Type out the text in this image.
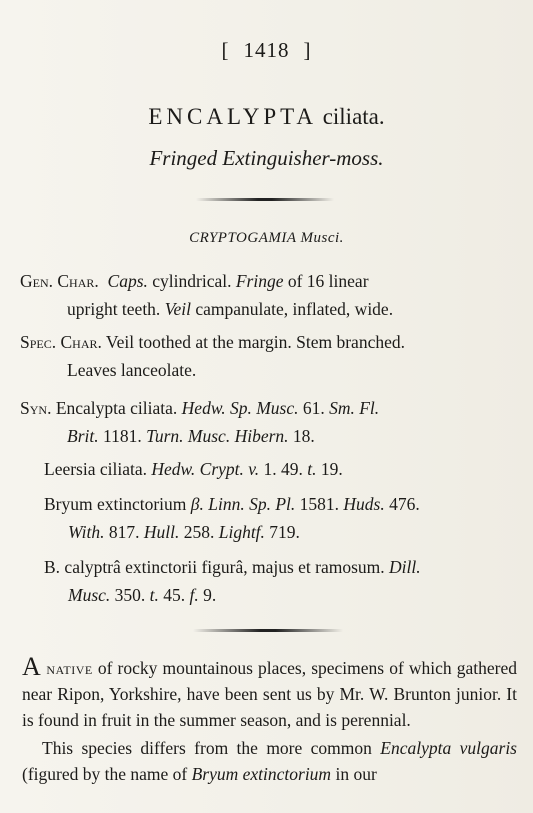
[ 1418 ]
ENCALYPTA ciliata.
Fringed Extinguisher-moss.
CRYPTOGAMIA Musci.
Gen. Char. Caps. cylindrical. Fringe of 16 linear
upright teeth. Veil campanulate, inflated, wide.
Spec. Char. Veil toothed at the margin. Stem branched.
Leaves lanceolate.
Syn. Encalypta ciliata. Hedw. Sp. Musc. 61. Sm. Fl.
Brit. 1181. Turn. Musc. Hibern. 18.
Leersia ciliata. Hedw. Crypt. v. 1. 49. t. 19.
Bryum extinctorium β. Linn. Sp. Pl. 1581. Huds. 476.
With. 817. Hull. 258. Lightf. 719.
B. calyptrâ extinctorii figurâ, majus et ramosum. Dill.
Musc. 350. t. 45. f. 9.

A native of rocky mountainous places, specimens of which gathered near Ripon, Yorkshire, have been sent us by Mr. W. Brunton junior. It is found in fruit in the summer season, and is perennial.

This species differs from the more common Encalypta vulgaris (figured by the name of Bryum extinctorium in our
